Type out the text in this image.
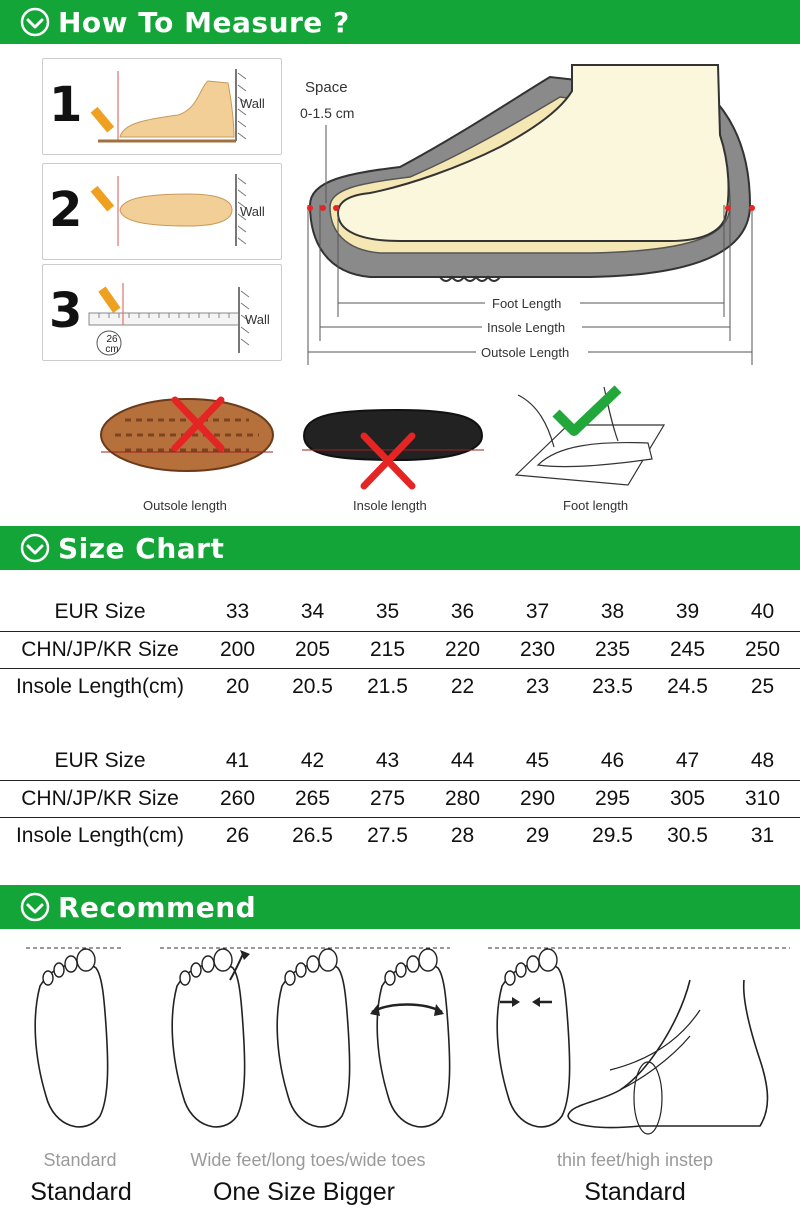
How To Measure ?
1	Wall
2	Wall
3
26
cm
Wall
Space
0-1.5 cm
Foot Length
Insole Length
Outsole Length
Outsole length	Insole length	Foot length
Size Chart
EUR Size	33	34	35	36	37	38	39	40
CHN/JP/KR Size	200	205	215	220	230	235	245	250
Insole Length(cm)	20	20.5	21.5	22	23	23.5	24.5	25
EUR Size	41	42	43	44	45	46	47	48
CHN/JP/KR Size	260	265	275	280	290	295	305	310
Insole Length(cm)	26	26.5	27.5	28	29	29.5	30.5	31
Recommend
Standard	Wide feet/long toes/wide toes	thin feet/high instep
Standard	One Size Bigger	Standard
